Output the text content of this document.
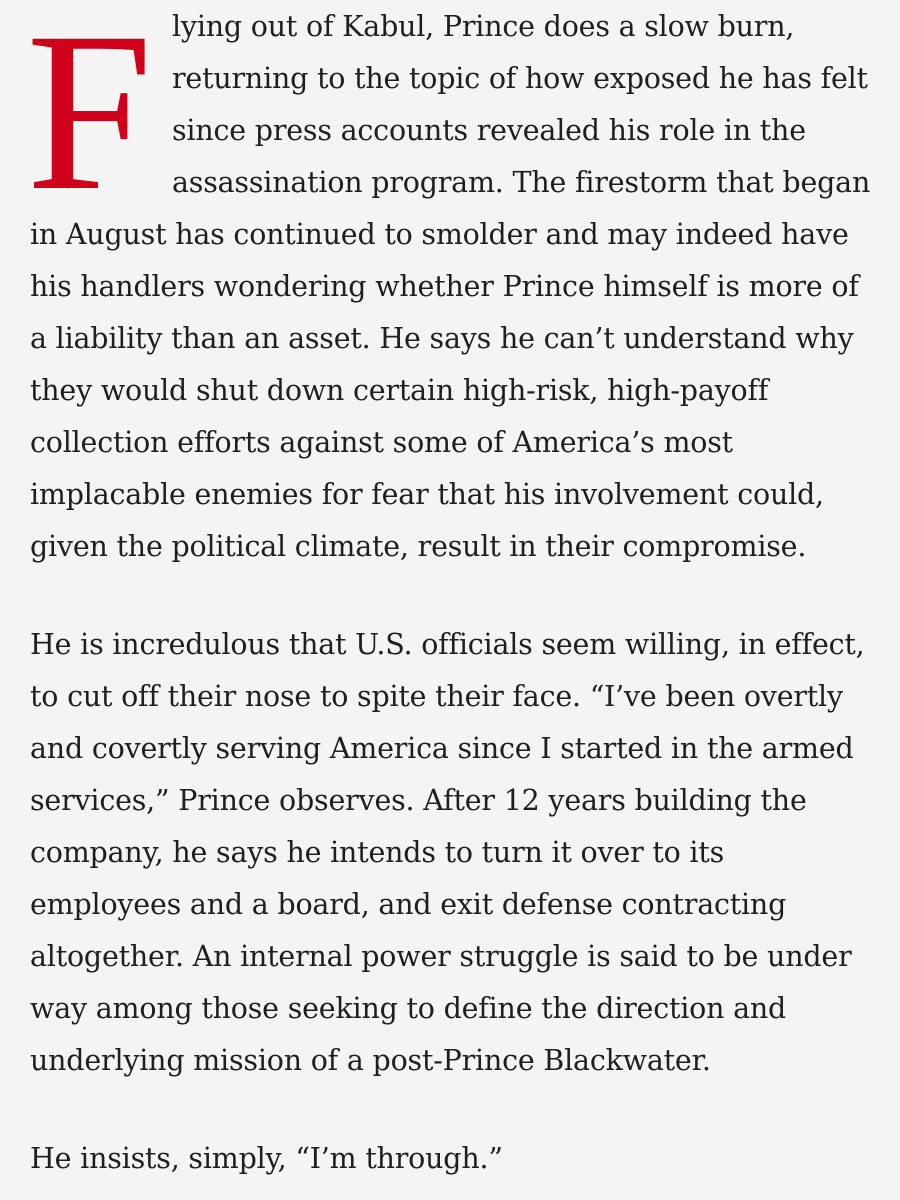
F lying out of Kabul, Prince does a slow burn,

returning to the topic of how exposed he has felt

since press accounts revealed his role in the

assassination program. The firestorm that began

in August has continued to smolder and may indeed have

his handlers wondering whether Prince himself is more of

a liability than an asset. He says he can’t understand why

they would shut down certain high-risk, high-payoff

collection efforts against some of America’s most

implacable enemies for fear that his involvement could,

given the political climate, result in their compromise.

He is incredulous that U.S. officials seem willing, in effect,

to cut off their nose to spite their face. “I’ve been overtly

and covertly serving America since I started in the armed

services,” Prince observes. After 12 years building the

company, he says he intends to turn it over to its

employees and a board, and exit defense contracting

altogether. An internal power struggle is said to be under

way among those seeking to define the direction and

underlying mission of a post-Prince Blackwater.

He insists, simply, “I’m through.”
